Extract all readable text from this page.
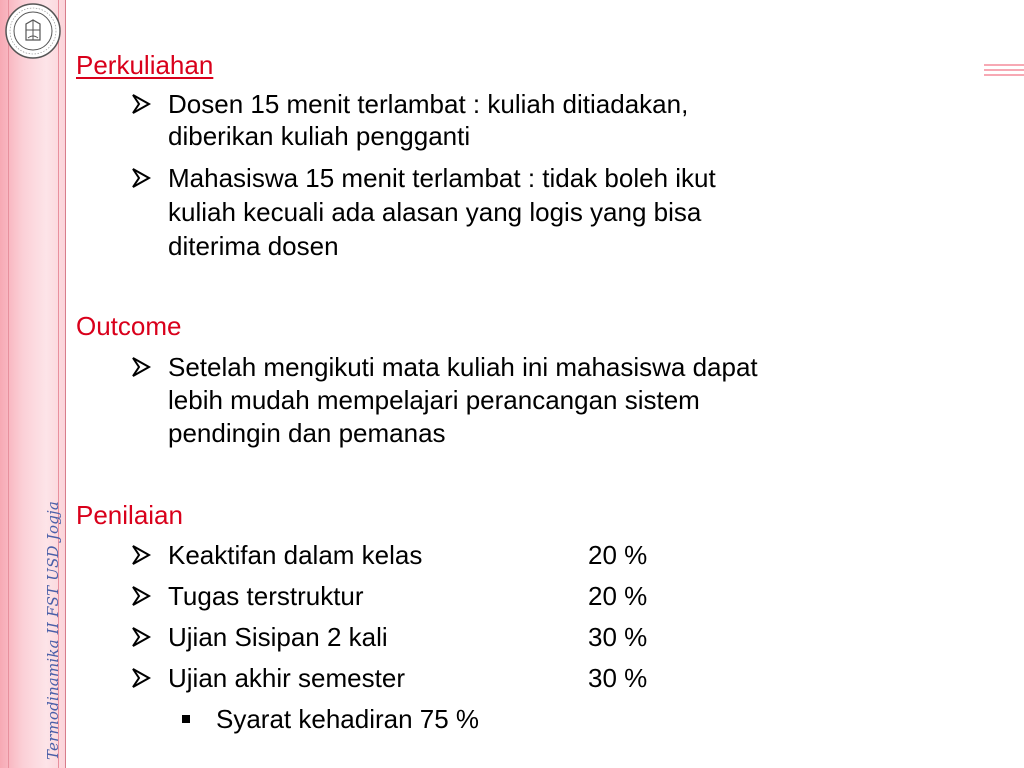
Termodinamika II FST USD Jogja
Perkuliahan
Dosen 15 menit terlambat : kuliah ditiadakan,
diberikan kuliah pengganti
Mahasiswa 15 menit terlambat : tidak boleh ikut
kuliah kecuali ada alasan yang logis yang bisa
diterima dosen
Outcome
Setelah mengikuti mata kuliah ini mahasiswa dapat
lebih mudah mempelajari perancangan sistem
pendingin dan pemanas
Penilaian
Keaktifan dalam kelas	20 %
Tugas terstruktur	20 %
Ujian Sisipan 2 kali	30 %
Ujian akhir semester	30 %
Syarat kehadiran 75 %
